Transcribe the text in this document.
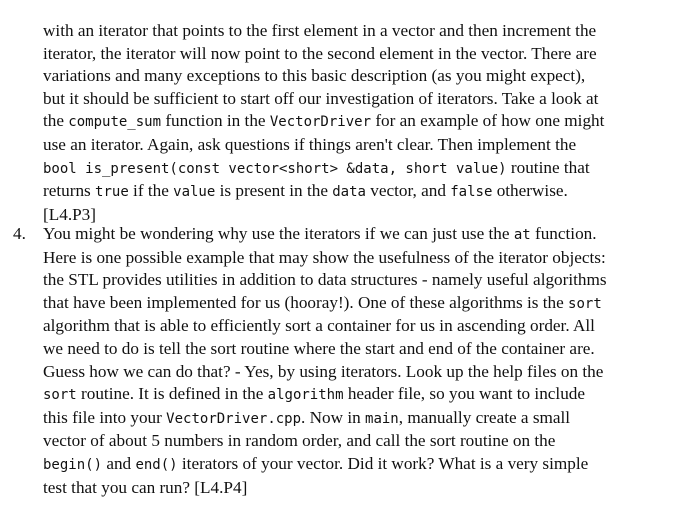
with an iterator that points to the first element in a vector and then increment the
iterator, the iterator will now point to the second element in the vector. There are
variations and many exceptions to this basic description (as you might expect),
but it should be sufficient to start off our investigation of iterators. Take a look at
the compute_sum function in the VectorDriver for an example of how one might
use an iterator. Again, ask questions if things aren't clear. Then implement the
bool is_present(const vector<short> &data, short value) routine that
returns true if the value is present in the data vector, and false otherwise.
[L4.P3]
4. You might be wondering why use the iterators if we can just use the at function.
Here is one possible example that may show the usefulness of the iterator objects:
the STL provides utilities in addition to data structures - namely useful algorithms
that have been implemented for us (hooray!). One of these algorithms is the sort
algorithm that is able to efficiently sort a container for us in ascending order. All
we need to do is tell the sort routine where the start and end of the container are.
Guess how we can do that? - Yes, by using iterators. Look up the help files on the
sort routine. It is defined in the algorithm header file, so you want to include
this file into your VectorDriver.cpp. Now in main, manually create a small
vector of about 5 numbers in random order, and call the sort routine on the
begin() and end() iterators of your vector. Did it work? What is a very simple
test that you can run? [L4.P4]
